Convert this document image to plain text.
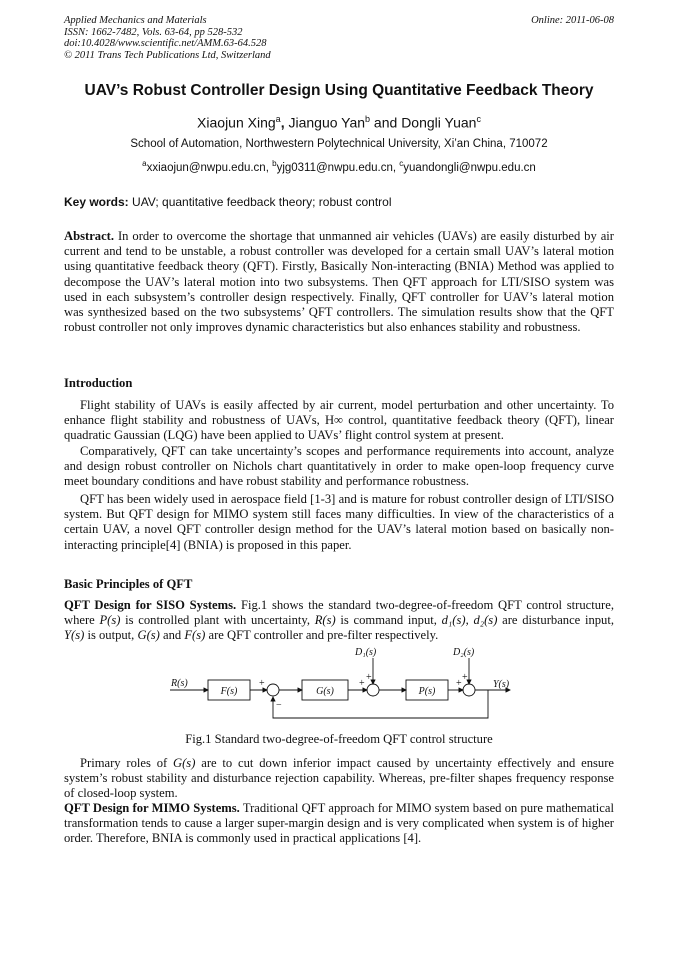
Applied Mechanics and Materials
ISSN: 1662-7482, Vols. 63-64, pp 528-532
doi:10.4028/www.scientific.net/AMM.63-64.528
© 2011 Trans Tech Publications Ltd, Switzerland
Online: 2011-06-08
UAV’s Robust Controller Design Using Quantitative Feedback Theory
Xiaojun Xing$^a$, Jianguo Yan$^b$ and Dongli Yuan$^c$
School of Automation, Northwestern Polytechnical University, Xi’an China, 710072
$^a$xxiaojun@nwpu.edu.cn, $^b$yjg0311@nwpu.edu.cn, $^c$yuandongli@nwpu.edu.cn
Key words: UAV; quantitative feedback theory; robust control

Abstract. In order to overcome the shortage that unmanned air vehicles (UAVs) are easily disturbed by air current and tend to be unstable, a robust controller was developed for a certain small UAV’s lateral motion using quantitative feedback theory (QFT). Firstly, Basically Non-interacting (BNIA) Method was applied to decompose the UAV’s lateral motion into two subsystems. Then QFT approach for LTI/SISO system was used in each subsystem’s controller design respectively. Finally, QFT controller for UAV’s lateral motion was synthesized based on the two subsystems’ QFT controllers. The simulation results show that the QFT robust controller not only improves dynamic characteristics but also enhances stability and robustness.

Introduction

Flight stability of UAVs is easily affected by air current, model perturbation and other uncertainty. To enhance flight stability and robustness of UAVs, H∞ control, quantitative feedback theory (QFT), linear quadratic Gaussian (LQG) have been applied to UAVs’ flight control system at present.

Comparatively, QFT can take uncertainty’s scopes and performance requirements into account, analyze and design robust controller on Nichols chart quantitatively in order to make open-loop frequency curve meet boundary conditions and have robust stability and performance robustness.

QFT has been widely used in aerospace field [1-3] and is mature for robust controller design of LTI/SISO system. But QFT design for MIMO system still faces many difficulties. In view of the characteristics of a certain UAV, a novel QFT controller design method for the UAV’s lateral motion based on basically non-interacting principle[4] (BNIA) is proposed in this paper.

Basic Principles of QFT

QFT Design for SISO Systems. Fig.1 shows the standard two-degree-of-freedom QFT control structure, where P(s) is controlled plant with uncertainty, R(s) is command input, d₁(s), d₂(s) are disturbance input, Y(s) is output, G(s) and F(s) are QFT controller and pre-filter respectively.

R(s)
F(s)	G(s)	P(s)
Y(s)
D₁(s)	D₂(s)
+
−
+
+
+
+
Fig.1 Standard two-degree-of-freedom QFT control structure

Primary roles of G(s) are to cut down inferior impact caused by uncertainty effectively and ensure system’s robust stability and disturbance rejection capability. Whereas, pre-filter shapes frequency response of closed-loop system.

QFT Design for MIMO Systems. Traditional QFT approach for MIMO system based on pure mathematical transformation tends to cause a larger super-margin design and is very complicated when system is of higher order. Therefore, BNIA is commonly used in practical applications [4].
